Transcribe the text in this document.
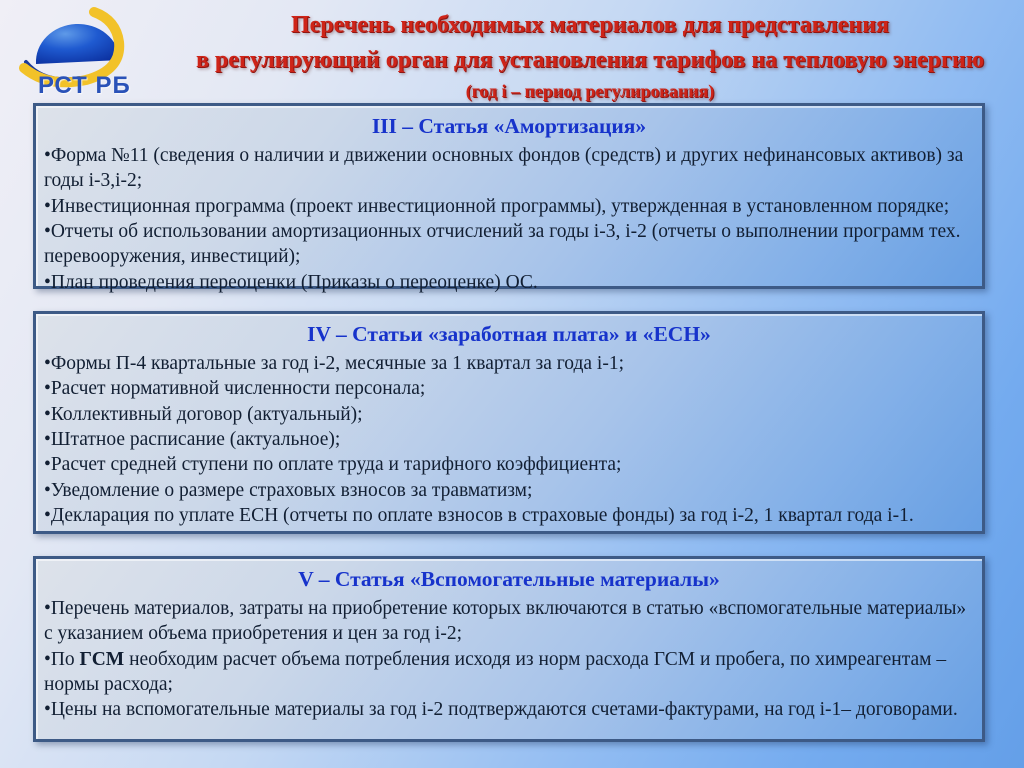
РСТ РБ
Перечень необходимых материалов для представления
в регулирующий орган для установления тарифов на тепловую энергию
(год i – период регулирования)
III – Статья «Амортизация»

•Форма №11 (сведения о наличии и движении основных фондов (средств) и других нефинансовых активов) за годы i-3,i-2;

•Инвестиционная программа (проект инвестиционной программы), утвержденная в установленном порядке;

•Отчеты об использовании амортизационных отчислений за годы i-3, i-2 (отчеты о выполнении программ тех. перевооружения, инвестиций);

•План проведения переоценки (Приказы о переоценке) ОС.

IV – Статьи «заработная плата» и «ЕСН»

•Формы П-4 квартальные за год i-2, месячные за 1 квартал за года i-1;

•Расчет нормативной численности персонала;

•Коллективный договор (актуальный);

•Штатное расписание (актуальное);

•Расчет средней ступени по оплате труда и тарифного коэффициента;

•Уведомление о размере страховых взносов за травматизм;

•Декларация по уплате ЕСН (отчеты по оплате взносов в страховые фонды) за год i-2, 1 квартал года i-1.

V – Статья «Вспомогательные материалы»

•Перечень материалов, затраты на приобретение которых включаются в статью «вспомогательные материалы» с указанием объема приобретения и цен за год i-2;

•По ГСМ необходим расчет объема потребления исходя из норм расхода ГСМ и пробега, по химреагентам – нормы расхода;

•Цены на вспомогательные материалы за год i-2 подтверждаются счетами-фактурами, на год i-1– договорами.
